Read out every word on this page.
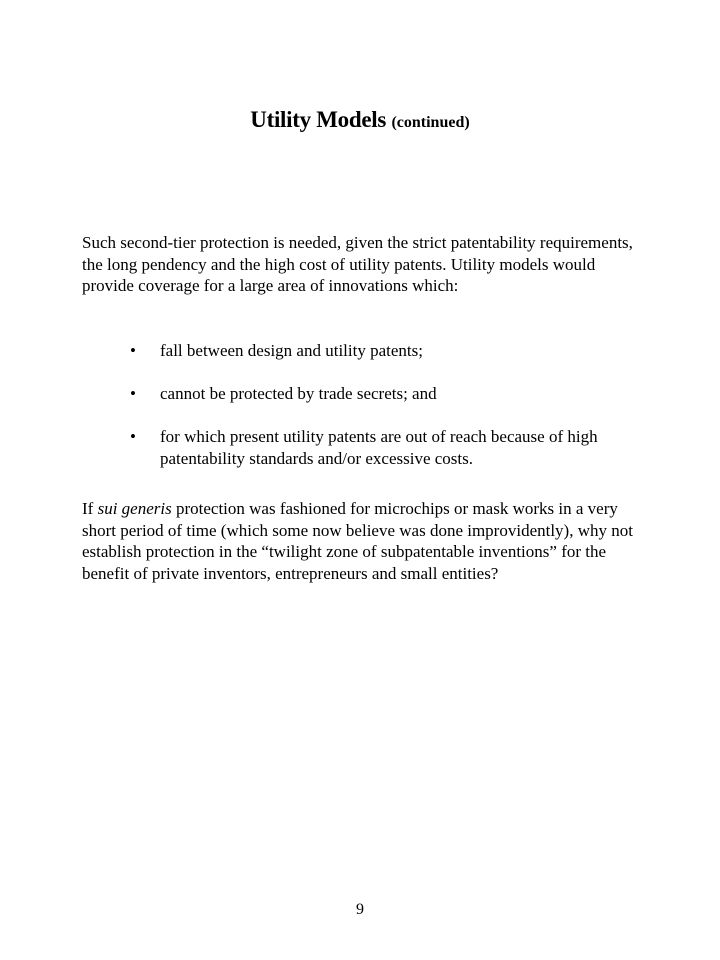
Utility Models (continued)

Such second-tier protection is needed, given the strict patentability requirements, the long pendency and the high cost of utility patents. Utility models would provide coverage for a large area of innovations which:

• fall between design and utility patents;
• cannot be protected by trade secrets; and
• for which present utility patents are out of reach because of high patentability standards and/or excessive costs.

If sui generis protection was fashioned for microchips or mask works in a very short period of time (which some now believe was done improvidently), why not establish protection in the “twilight zone of subpatentable inventions” for the benefit of private inventors, entrepreneurs and small entities?

9
